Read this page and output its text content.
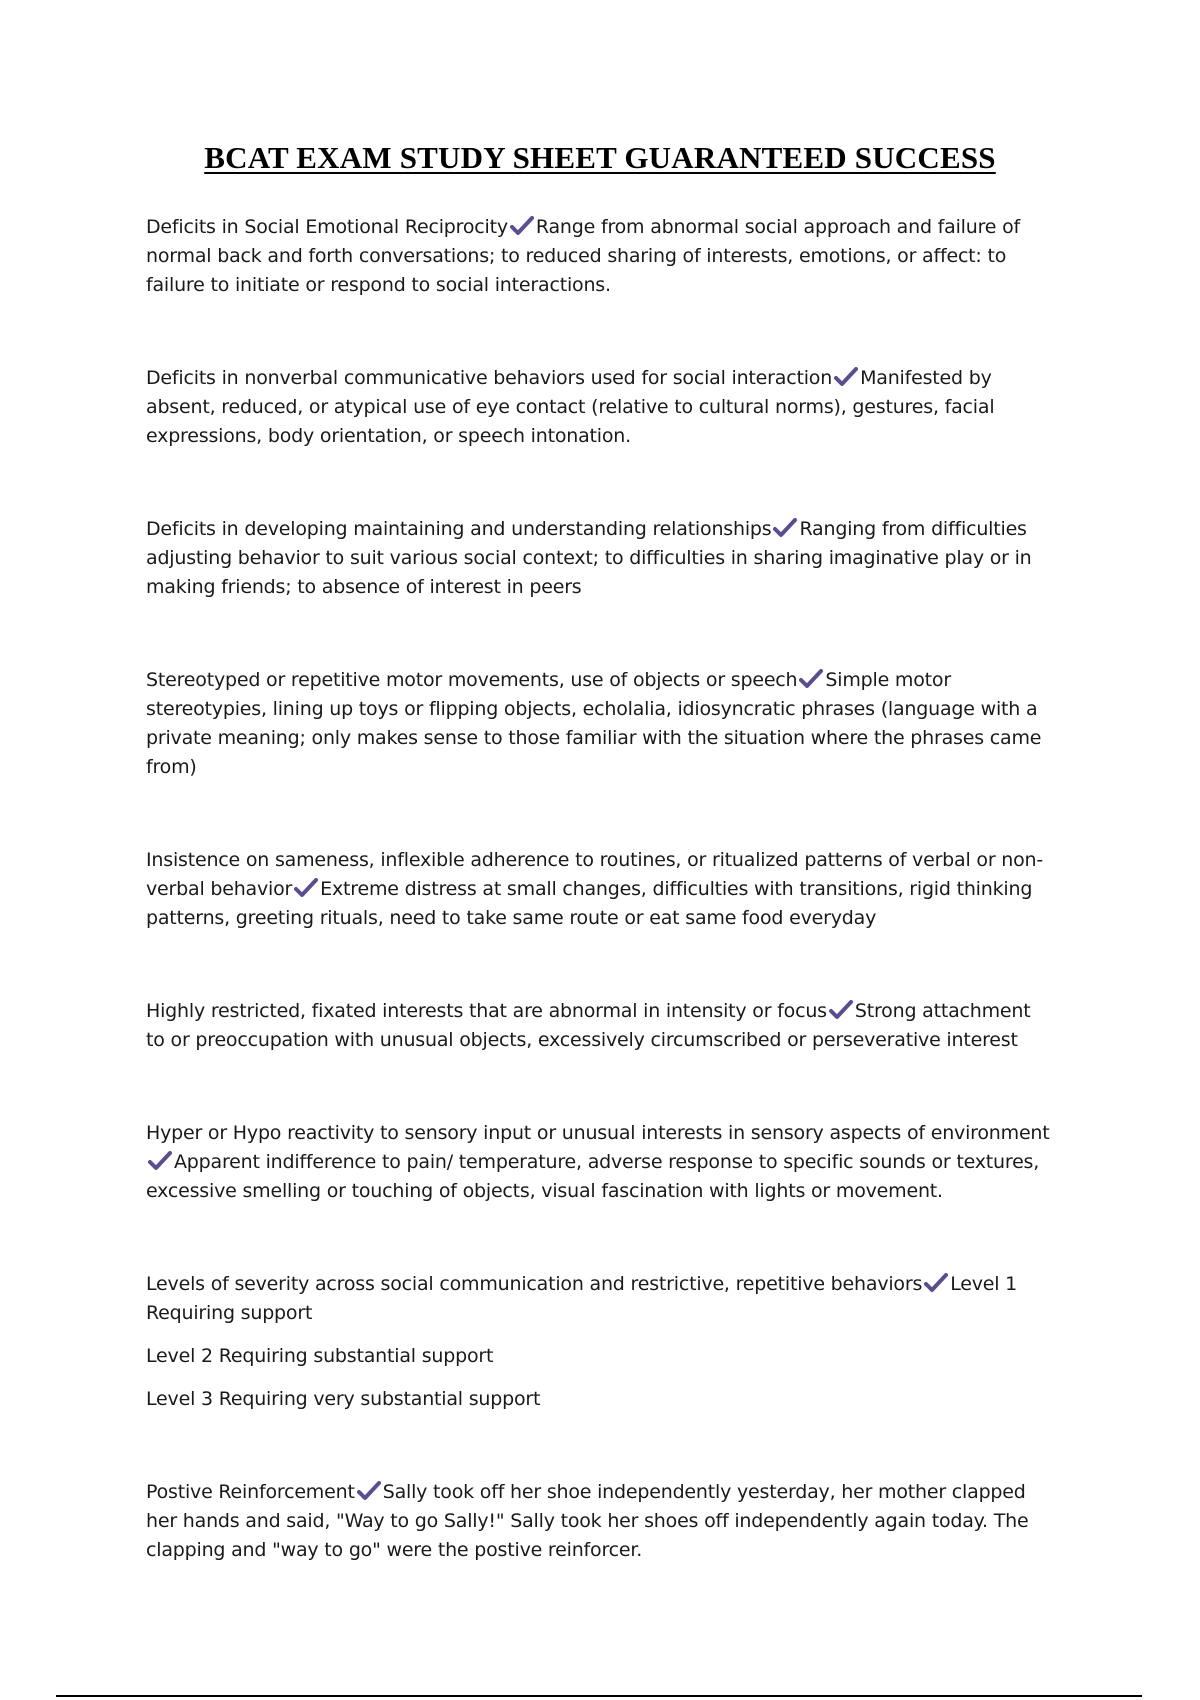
BCAT EXAM STUDY SHEET GUARANTEED SUCCESS

Deficits in Social Emotional Reciprocity Range from abnormal social approach and failure of normal back and forth conversations; to reduced sharing of interests, emotions, or affect: to failure to initiate or respond to social interactions.

Deficits in nonverbal communicative behaviors used for social interaction Manifested by absent, reduced, or atypical use of eye contact (relative to cultural norms), gestures, facial expressions, body orientation, or speech intonation.

Deficits in developing maintaining and understanding relationships Ranging from difficulties adjusting behavior to suit various social context; to difficulties in sharing imaginative play or in making friends; to absence of interest in peers

Stereotyped or repetitive motor movements, use of objects or speech Simple motor stereotypies, lining up toys or flipping objects, echolalia, idiosyncratic phrases (language with a private meaning; only makes sense to those familiar with the situation where the phrases came from)

Insistence on sameness, inflexible adherence to routines, or ritualized patterns of verbal or non-verbal behavior Extreme distress at small changes, difficulties with transitions, rigid thinking patterns, greeting rituals, need to take same route or eat same food everyday

Highly restricted, fixated interests that are abnormal in intensity or focus Strong attachment to or preoccupation with unusual objects, excessively circumscribed or perseverative interest

Hyper or Hypo reactivity to sensory input or unusual interests in sensory aspects of environment
Apparent indifference to pain/ temperature, adverse response to specific sounds or textures, excessive smelling or touching of objects, visual fascination with lights or movement.

Levels of severity across social communication and restrictive, repetitive behaviors Level 1 Requiring support

Level 2 Requiring substantial support

Level 3 Requiring very substantial support

Postive Reinforcement Sally took off her shoe independently yesterday, her mother clapped her hands and said, "Way to go Sally!" Sally took her shoes off independently again today. The clapping and "way to go" were the postive reinforcer.
